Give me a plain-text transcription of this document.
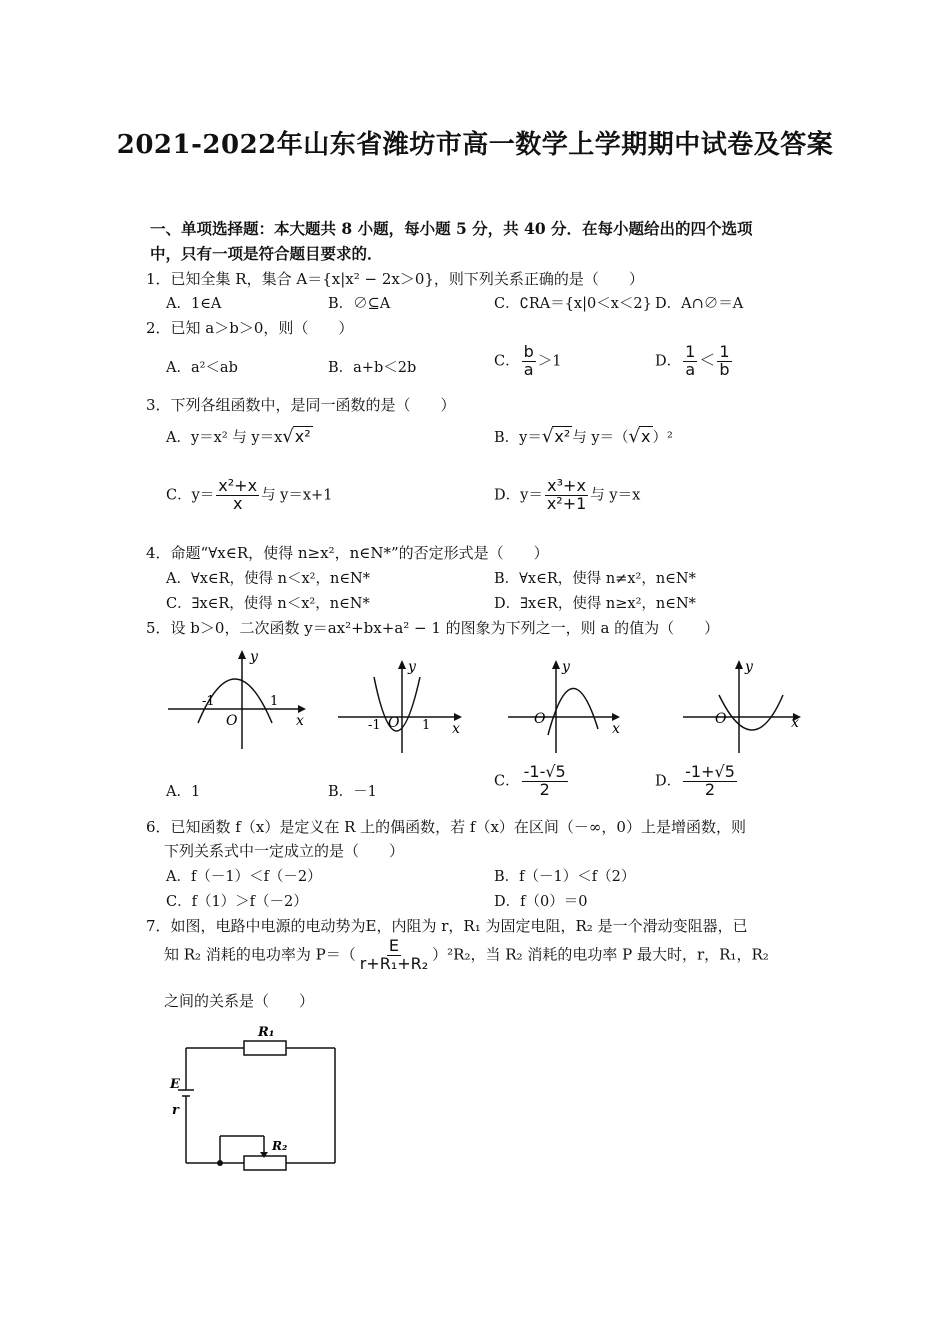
2021-2022年山东省潍坊市高一数学上学期期中试卷及答案
一、单项选择题：本大题共 8 小题，每小题 5 分，共 40 分．在每小题给出的四个选项
中，只有一项是符合题目要求的．
1．已知全集 R，集合 A＝{x|x² − 2x＞0}，则下列关系正确的是（　　）
A．1∈A	B．∅⊆A	C．∁RA＝{x|0＜x＜2} D．A∩∅＝A
2．已知 a＞b＞0，则（　　）
A．a²＜ab	B．a+b＜2b	C． $\frac{b}{a} >1$	D． $\frac{1}{a} < \frac{1}{b}$
3．下列各组函数中，是同一函数的是（　　）
A．y＝x² 与 y＝x√x²	B．y＝√x² 与 y＝（√x ）²
C．$y= \frac{\text{x²+x}}{x}$ 与 y＝x+1	D．$y= \frac{\text{x³+x}}{\text{x²+1}}$ 与 y＝x
4．命题“∀x∈R，使得 n≥x²，n∈N*”的否定形式是（　　）
A．∀x∈R，使得 n＜x²，n∈N*	B．∀x∈R，使得 n≠x²，n∈N*
C．∃x∈R，使得 n＜x²，n∈N*	D．∃x∈R，使得 n≥x²，n∈N*
5．设 b＞0，二次函数 y＝ax²+bx+a² − 1 的图象为下列之一，则 a 的值为（　　）
y
x
O
-1	1
y
x
O
-1	1
y
x
O
y
x
O
A．1	B．－1
C． $\frac{-1-√5}{2}$	D． $\frac{-1+√5}{2}$
6．已知函数 f（x）是定义在 R 上的偶函数，若 f（x）在区间（－∞，0）上是增函数，则
下列关系式中一定成立的是（　　）
A．f（－1）＜f（－2）	B．f（－1）＜f（2）
C．f（1）＞f（－2）	D．f（0）＝0
7．如图，电路中电源的电动势为E，内阻为 r，R₁ 为固定电阻，R₂ 是一个滑动变阻器，已
知 R₂ 消耗的电功率为 $P=( \frac{E}{\text{r+R₁+R₂}} )^2R_2$，当 R₂ 消耗的电功率 P 最大时，r，R₁，R₂
之间的关系是（　　）
R₁
R₂
E
r
